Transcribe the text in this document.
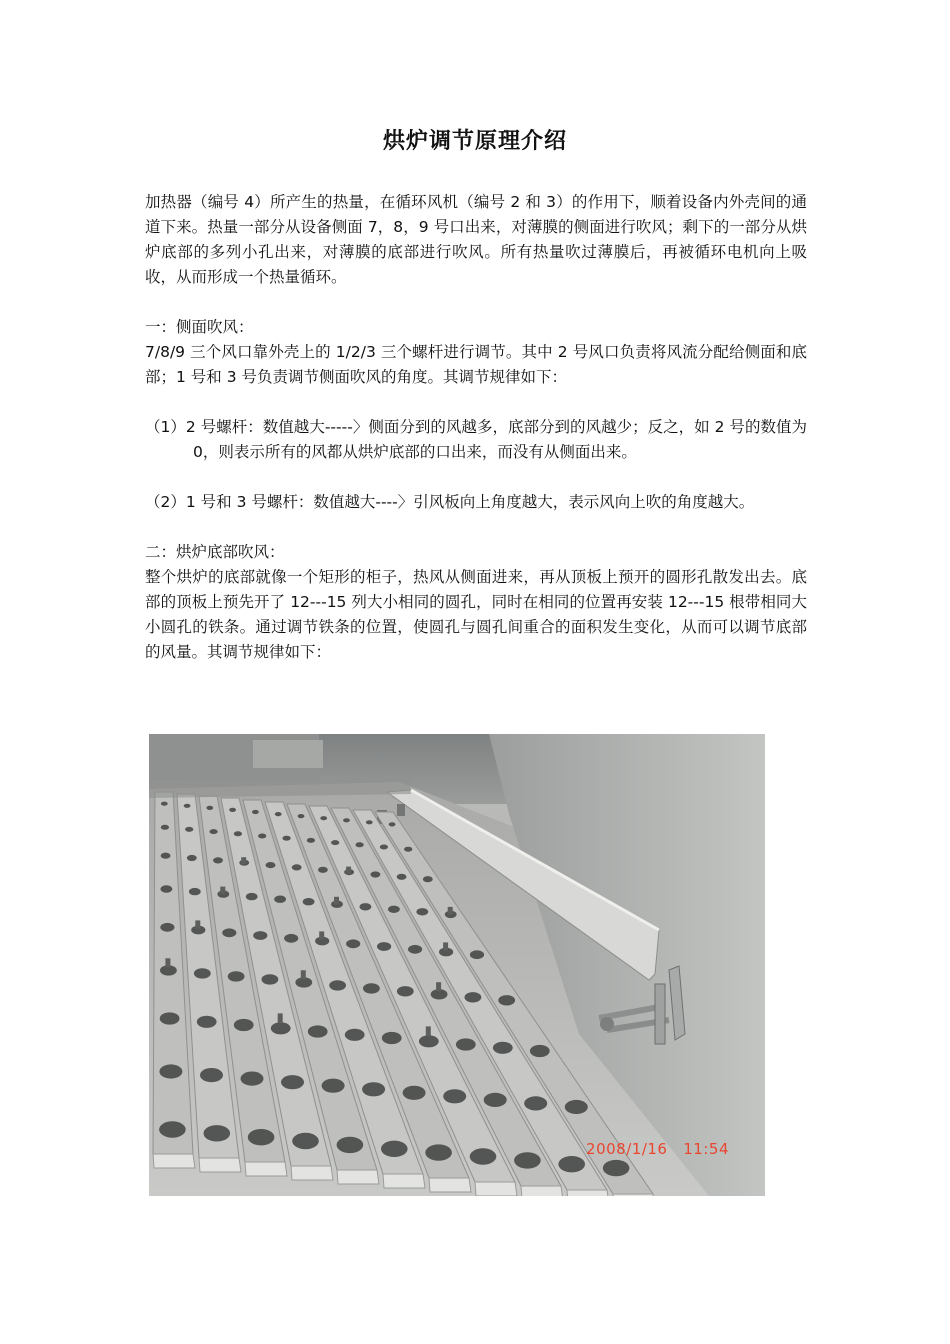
烘炉调节原理介绍

加热器（编号 4）所产生的热量，在循环风机（编号 2 和 3）的作用下，顺着设备内外壳间的通道下来。热量一部分从设备侧面 7，8，9 号口出来，对薄膜的侧面进行吹风；剩下的一部分从烘炉底部的多列小孔出来，对薄膜的底部进行吹风。所有热量吹过薄膜后，再被循环电机向上吸收，从而形成一个热量循环。

一：侧面吹风：

7/8/9 三个风口靠外壳上的 1/2/3 三个螺杆进行调节。其中 2 号风口负责将风流分配给侧面和底部；1 号和 3 号负责调节侧面吹风的角度。其调节规律如下：

（1）2 号螺杆：数值越大-----〉侧面分到的风越多，底部分到的风越少；反之，如 2 号的数值为 0，则表示所有的风都从烘炉底部的口出来，而没有从侧面出来。

（2）1 号和 3 号螺杆：数值越大----〉引风板向上角度越大，表示风向上吹的角度越大。

二：烘炉底部吹风：

整个烘炉的底部就像一个矩形的柜子，热风从侧面进来，再从顶板上预开的圆形孔散发出去。底部的顶板上预先开了 12---15 列大小相同的圆孔，同时在相同的位置再安装 12---15 根带相同大小圆孔的铁条。通过调节铁条的位置，使圆孔与圆孔间重合的面积发生变化，从而可以调节底部的风量。其调节规律如下：

2008/1/16   11:54
